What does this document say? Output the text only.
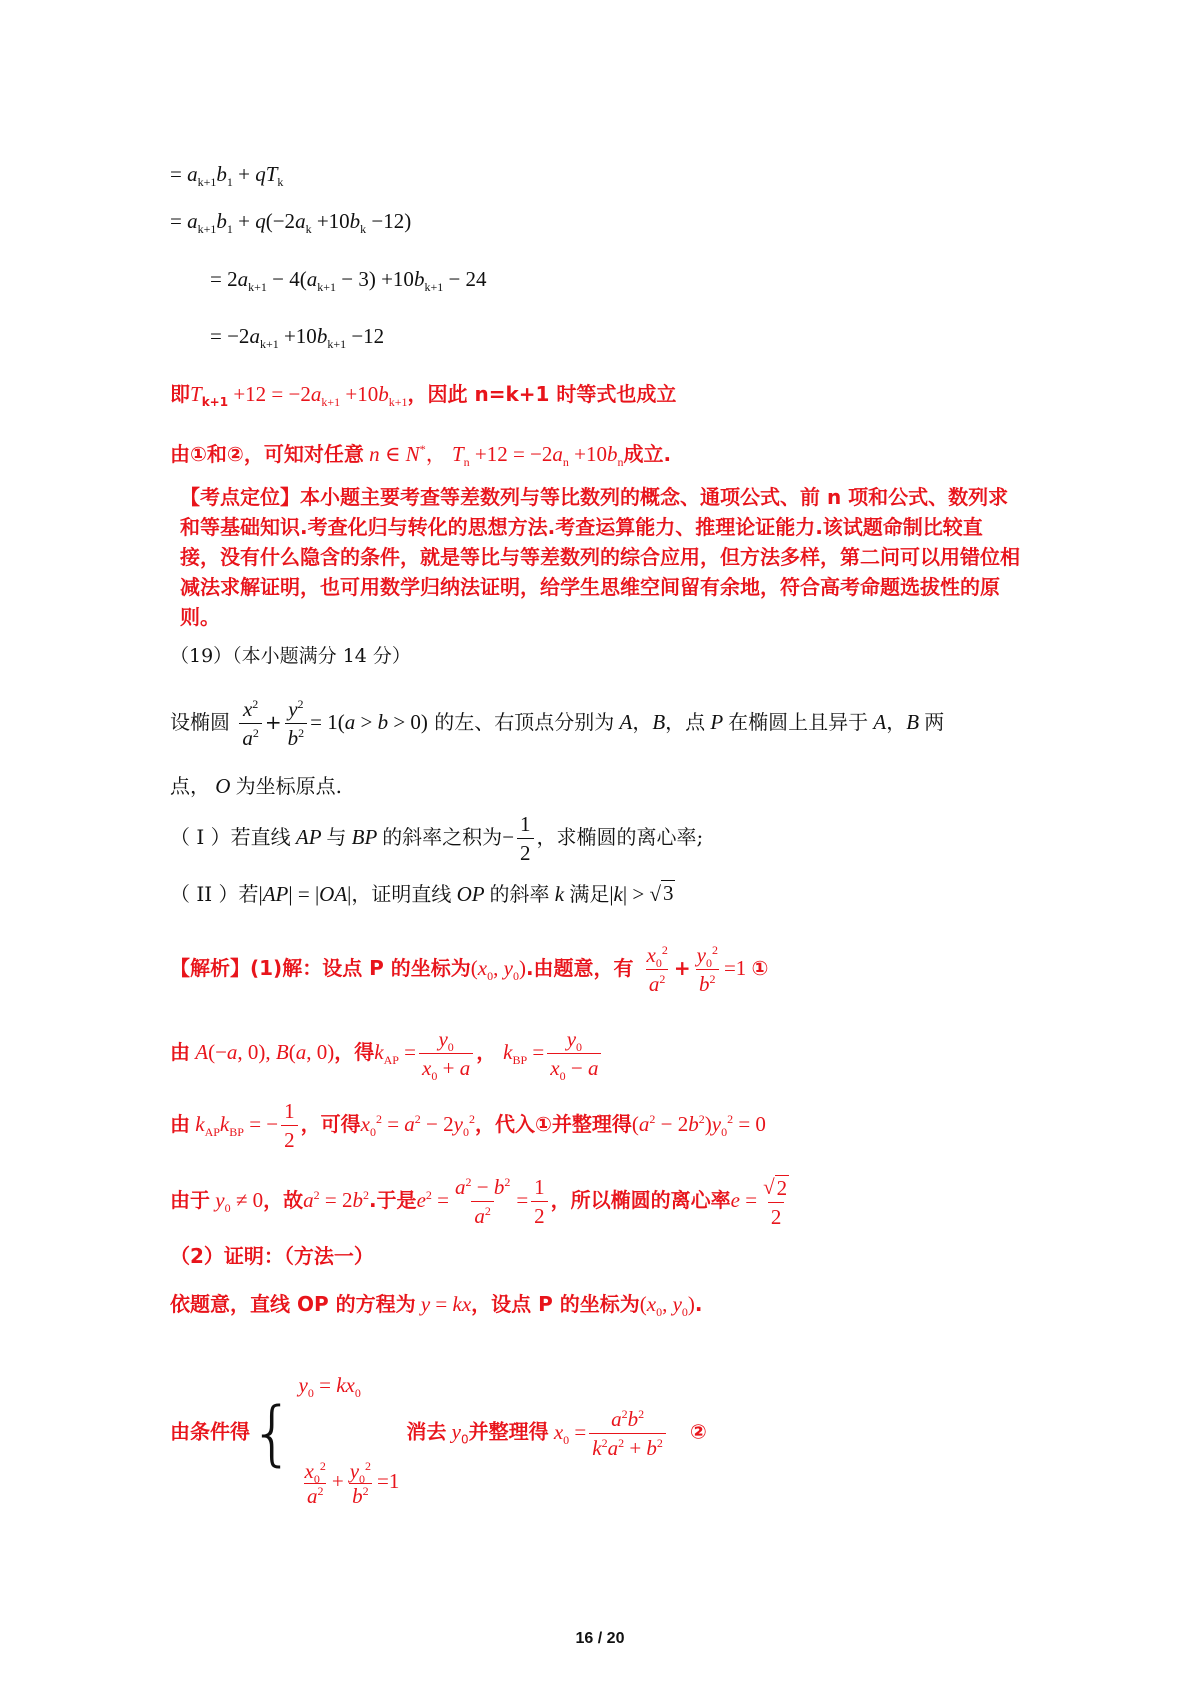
= $a_{k+1}b_1 + qT_k$
= $a_{k+1}b_1 + q(-2a_k +10b_k -12)$
= $2a_{k+1} - 4(a_{k+1} - 3) +10b_{k+1} - 24$
= $-2a_{k+1} +10b_{k+1} -12$
即$T_{k+1} +12 = -2a_{k+1} +10b_{k+1}$，因此 n=k+1 时等式也成立
由①和②，可知对任意 n ∈ N*， $T_n +12 = -2a_n +10b_n$成立.
【考点定位】本小题主要考查等差数列与等比数列的概念、通项公式、前 n 项和公式、数列求和等基础知识.考查化归与转化的思想方法.考查运算能力、推理论证能力.该试题命制比较直接，没有什么隐含的条件，就是等比与等差数列的综合应用，但方法多样，第二问可以用错位相减法求解证明，也可用数学归纳法证明，给学生思维空间留有余地，符合高考命题选拔性的原则。
（19）（本小题满分 14 分）
设椭圆 $\frac{x^2}{a^2} + \frac{y^2}{b^2} = 1(a > b > 0)$ 的左、右顶点分别为 A，B，点 P 在椭圆上且异于 A，B 两
点， O 为坐标原点.
（ I ）若直线 AP 与 BP 的斜率之积为− $\frac{1}{2}$ ，求椭圆的离心率;
（ II ）若|AP| = |OA|，证明直线 OP 的斜率 k 满足|k| > √ 3
【解析】(1)解：设点 P 的坐标为($x_0$, $y_0$).由题意，有 $\frac{x_0^2}{a^2} + \frac{y_0^2}{b^2} =1$ ①
由 A(−a, 0), B(a, 0)，得$k_{AP} = \frac{y_0}{x_0 + a}$ ， $k_{BP} = \frac{y_0}{x_0 - a}$
由 $k_{AP}k_{BP}$ = − $\frac{1}{2}$ ，可得$x_0^2 = a^2 - 2y_0^2$，代入①并整理得$(a^2 - 2b^2)y_0^2 = 0$
由于 $y_0 \ne 0$，故$a^2 = 2b^2$.于是$e^2 = \frac{a^2 - b^2}{a^2} = \frac{1}{2}$ ，所以椭圆的离心率$e = \frac{√ 2}{2}$
（2）证明：（方法一）
依题意，直线 OP 的方程为 y = kx，设点 P 的坐标为($x_0$, $y_0$).
由条件得{
$y_0 = kx_0$
$\frac{x_0^2}{a^2} + \frac{y_0^2}{b^2} =1$
消去 $y_0$并整理得 $x_0 = \frac{a^2b^2}{k^2a^2 + b^2}$ ②
16 / 20
